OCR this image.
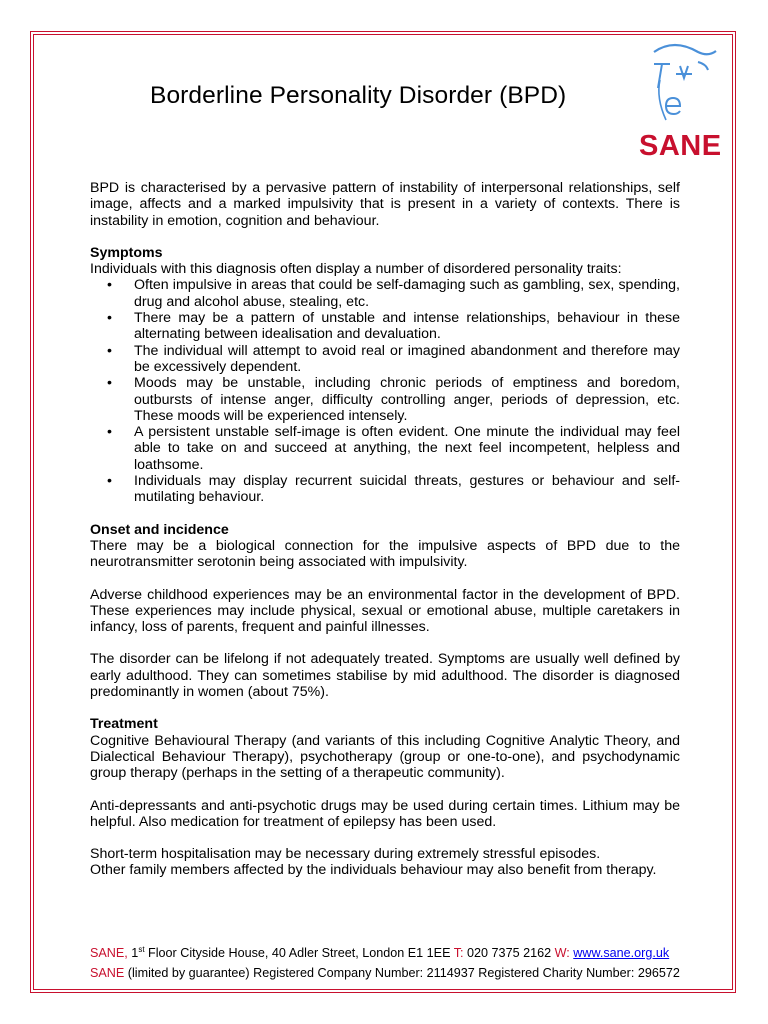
Borderline Personality Disorder (BPD)
SANE

BPD is characterised by a pervasive pattern of instability of interpersonal relationships, self image, affects and a marked impulsivity that is present in a variety of contexts. There is instability in emotion, cognition and behaviour.

Symptoms

Individuals with this diagnosis often display a number of disordered personality traits:

• Often impulsive in areas that could be self-damaging such as gambling, sex, spending, drug and alcohol abuse, stealing, etc.
• There may be a pattern of unstable and intense relationships, behaviour in these alternating between idealisation and devaluation.
• The individual will attempt to avoid real or imagined abandonment and therefore may be excessively dependent.
• Moods may be unstable, including chronic periods of emptiness and boredom, outbursts of intense anger, difficulty controlling anger, periods of depression, etc. These moods will be experienced intensely.
• A persistent unstable self-image is often evident. One minute the individual may feel able to take on and succeed at anything, the next feel incompetent, helpless and loathsome.
• Individuals may display recurrent suicidal threats, gestures or behaviour and self-mutilating behaviour.
Onset and incidence

There may be a biological connection for the impulsive aspects of BPD due to the neurotransmitter serotonin being associated with impulsivity.

Adverse childhood experiences may be an environmental factor in the development of BPD. These experiences may include physical, sexual or emotional abuse, multiple caretakers in infancy, loss of parents, frequent and painful illnesses.

The disorder can be lifelong if not adequately treated. Symptoms are usually well defined by early adulthood. They can sometimes stabilise by mid adulthood. The disorder is diagnosed predominantly in women (about 75%).

Treatment

Cognitive Behavioural Therapy (and variants of this including Cognitive Analytic Theory, and Dialectical Behaviour Therapy), psychotherapy (group or one-to-one), and psychodynamic group therapy (perhaps in the setting of a therapeutic community).

Anti-depressants and anti-psychotic drugs may be used during certain times. Lithium may be helpful. Also medication for treatment of epilepsy has been used.

Short-term hospitalisation may be necessary during extremely stressful episodes.
Other family members affected by the individuals behaviour may also benefit from therapy.
SANE, 1st Floor Cityside House, 40 Adler Street, London E1 1EE T: 020 7375 2162 W: www.sane.org.uk
SANE (limited by guarantee) Registered Company Number: 2114937 Registered Charity Number: 296572
